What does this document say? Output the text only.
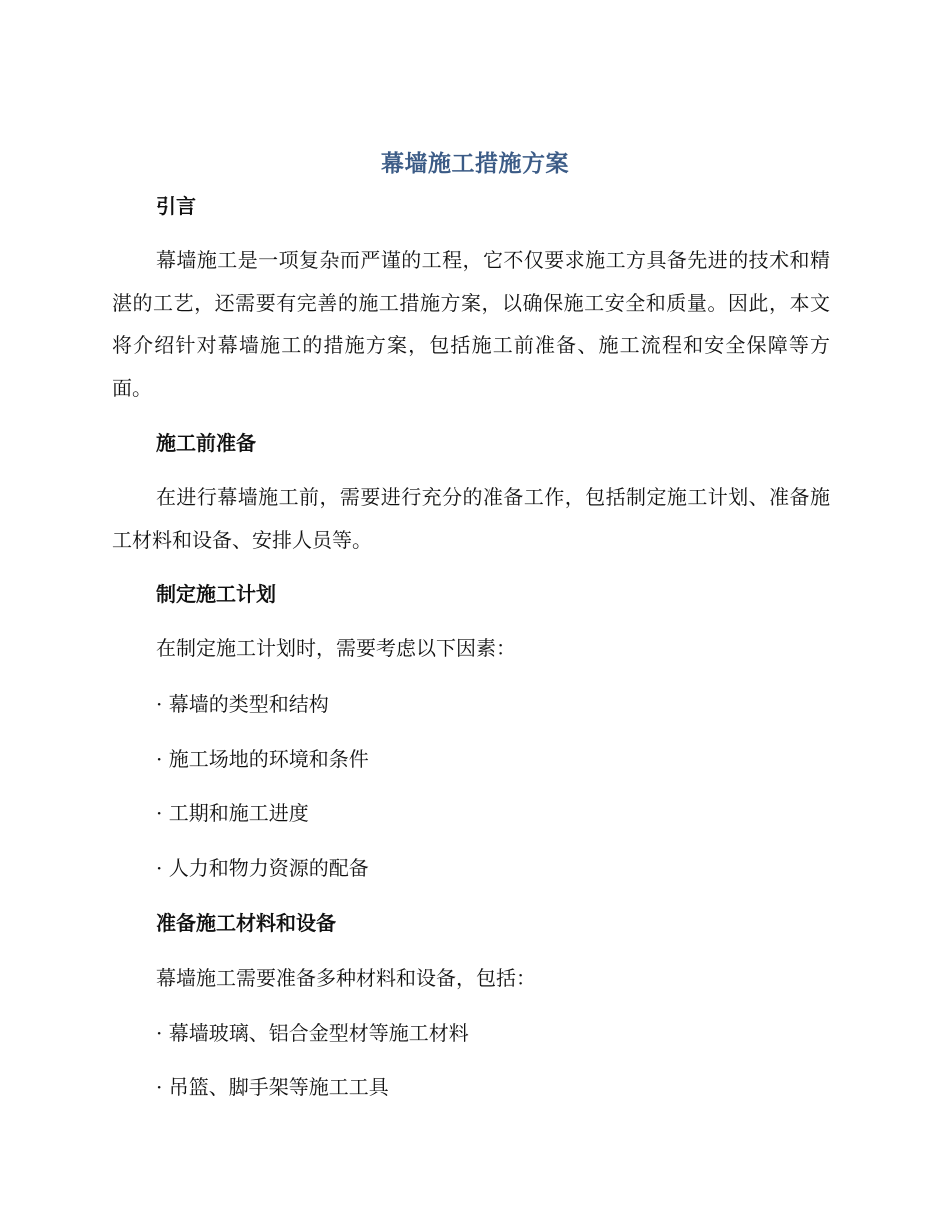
幕墙施工措施方案
引言

幕墙施工是一项复杂而严谨的工程，它不仅要求施工方具备先进的技术和精湛的工艺，还需要有完善的施工措施方案，以确保施工安全和质量。因此，本文将介绍针对幕墙施工的措施方案，包括施工前准备、施工流程和安全保障等方面。

施工前准备

在进行幕墙施工前，需要进行充分的准备工作，包括制定施工计划、准备施工材料和设备、安排人员等。

制定施工计划
在制定施工计划时，需要考虑以下因素：
· 幕墙的类型和结构
· 施工场地的环境和条件
· 工期和施工进度
· 人力和物力资源的配备
准备施工材料和设备
幕墙施工需要准备多种材料和设备，包括：
· 幕墙玻璃、铝合金型材等施工材料
· 吊篮、脚手架等施工工具
